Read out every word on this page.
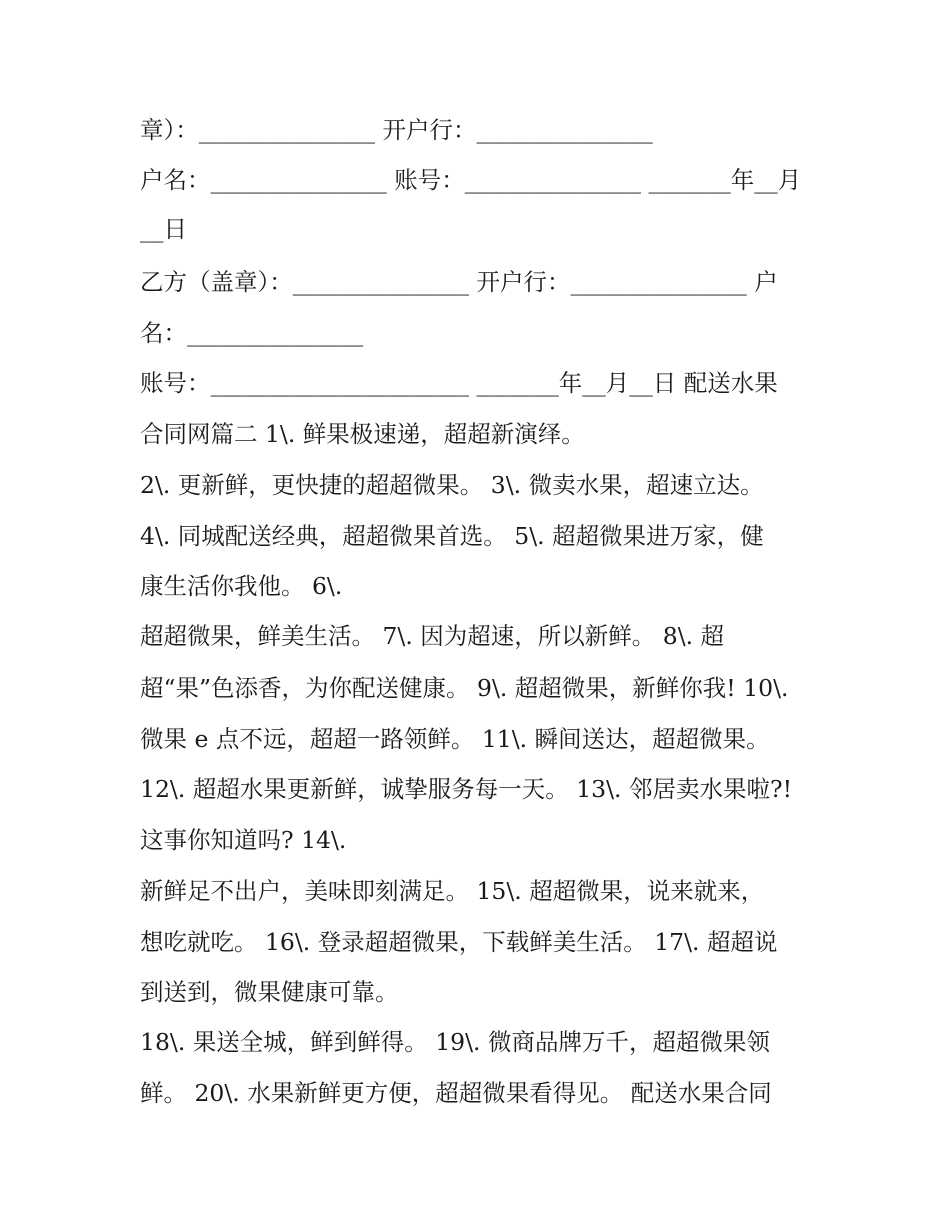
章）：_______________ 开户行：_______________
户名：_______________ 账号：_______________ _______年__月
__日
乙方（盖章）：_______________ 开户行：_______________ 户
名：_______________
账号：______________________ _______年__月__日 配送水果
合同网篇二 1\. 鲜果极速递，超超新演绎。
2\. 更新鲜，更快捷的超超微果。 3\. 微卖水果，超速立达。
4\. 同城配送经典，超超微果首选。 5\. 超超微果进万家，健
康生活你我他。 6\.
超超微果，鲜美生活。 7\. 因为超速，所以新鲜。 8\. 超
超“果”色添香，为你配送健康。 9\. 超超微果，新鲜你我! 10\.
微果 e 点不远，超超一路领鲜。 11\. 瞬间送达，超超微果。
12\. 超超水果更新鲜，诚挚服务每一天。 13\. 邻居卖水果啦?!
这事你知道吗? 14\.
新鲜足不出户，美味即刻满足。 15\. 超超微果，说来就来，
想吃就吃。 16\. 登录超超微果，下载鲜美生活。 17\. 超超说
到送到，微果健康可靠。
18\. 果送全城，鲜到鲜得。 19\. 微商品牌万千，超超微果领
鲜。 20\. 水果新鲜更方便，超超微果看得见。 配送水果合同
